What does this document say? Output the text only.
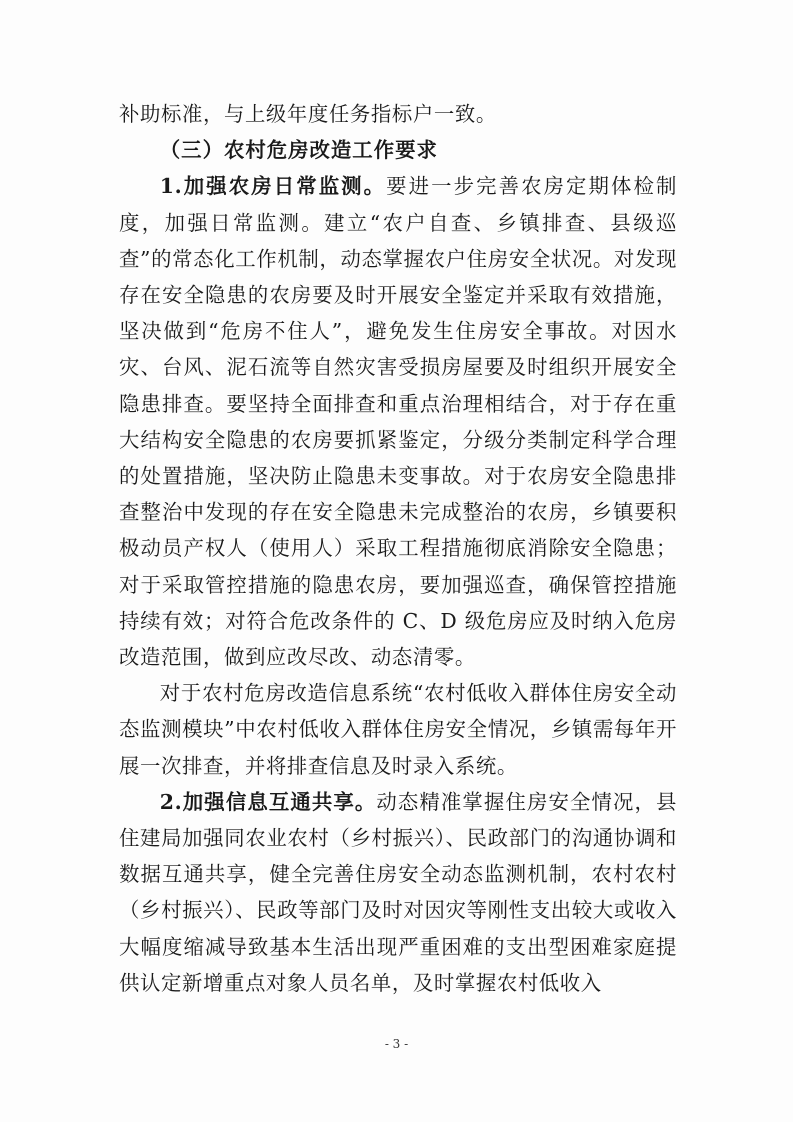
补助标准，与上级年度任务指标户一致。

（三）农村危房改造工作要求

1.加强农房日常监测。要进一步完善农房定期体检制度，加强日常监测。建立“农户自查、乡镇排查、县级巡查”的常态化工作机制，动态掌握农户住房安全状况。对发现存在安全隐患的农房要及时开展安全鉴定并采取有效措施，坚决做到“危房不住人”，避免发生住房安全事故。对因水灾、台风、泥石流等自然灾害受损房屋要及时组织开展安全隐患排查。要坚持全面排查和重点治理相结合，对于存在重大结构安全隐患的农房要抓紧鉴定，分级分类制定科学合理的处置措施，坚决防止隐患未变事故。对于农房安全隐患排查整治中发现的存在安全隐患未完成整治的农房，乡镇要积极动员产权人（使用人）采取工程措施彻底消除安全隐患；对于采取管控措施的隐患农房，要加强巡查，确保管控措施持续有效；对符合危改条件的 C、D 级危房应及时纳入危房改造范围，做到应改尽改、动态清零。

对于农村危房改造信息系统“农村低收入群体住房安全动态监测模块”中农村低收入群体住房安全情况，乡镇需每年开展一次排查，并将排查信息及时录入系统。

2.加强信息互通共享。动态精准掌握住房安全情况，县住建局加强同农业农村（乡村振兴）、民政部门的沟通协调和数据互通共享，健全完善住房安全动态监测机制，农村农村（乡村振兴）、民政等部门及时对因灾等刚性支出较大或收入大幅度缩减导致基本生活出现严重困难的支出型困难家庭提供认定新增重点对象人员名单，及时掌握农村低收入

- 3 -
